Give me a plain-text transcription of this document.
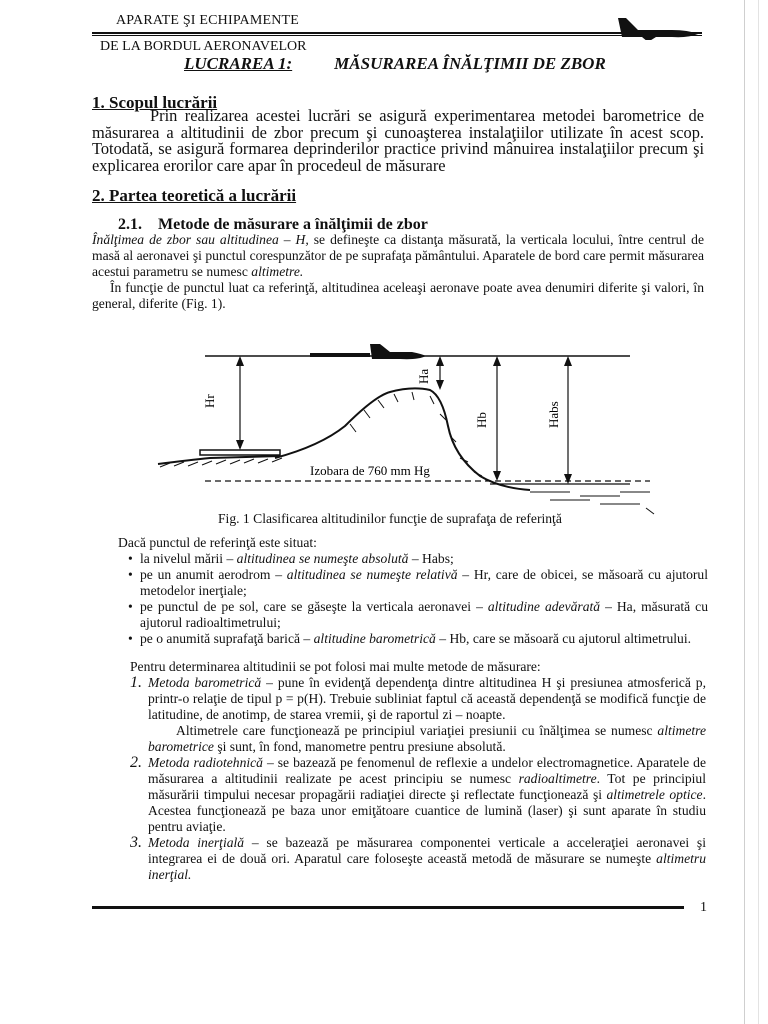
APARATE ŞI ECHIPAMENTE
DE LA BORDUL AERONAVELOR
LUCRAREA 1: MĂSURAREA ÎNĂLŢIMII DE ZBOR
1. Scopul lucrării
Prin realizarea acestei lucrări se asigură experimentarea metodei barometrice de măsurarea a altitudinii de zbor precum şi cunoaşterea instalaţiilor utilizate în acest scop. Totodată, se asigură formarea deprinderilor practice privind mânuirea instalaţiilor precum şi explicarea erorilor care apar în procedeul de măsurare
2. Partea teoretică a lucrării
2.1. Metode de măsurare a înălţimii de zbor
Înălţimea de zbor sau altitudinea – H, se defineşte ca distanţa măsurată, la verticala locului, între centrul de masă al aeronavei şi punctul corespunzător de pe suprafaţa pământului. Aparatele de bord care permit măsurarea acestui parametru se numesc altimetre.
În funcţie de punctul luat ca referinţă, altitudinea aceleaşi aeronave poate avea denumiri diferite şi valori, în general, diferite (Fig. 1).
Hr
Ha
Hb	Habs
Izobara de 760 mm Hg
Fig. 1 Clasificarea altitudinilor funcţie de suprafaţa de referinţă
Dacă punctul de referinţă este situat:
• la nivelul mării – altitudinea se numeşte absolută – Habs;
• pe un anumit aerodrom – altitudinea se numeşte relativă – Hr, care de obicei, se măsoară cu ajutorul metodelor inerţiale;
• pe punctul de pe sol, care se găseşte la verticala aeronavei – altitudine adevărată – Ha, măsurată cu ajutorul radioaltimetrului;
• pe o anumită suprafaţă barică – altitudine barometrică – Hb, care se măsoară cu ajutorul altimetrului.
Pentru determinarea altitudinii se pot folosi mai multe metode de măsurare:
1. Metoda barometrică – pune în evidenţă dependenţa dintre altitudinea H şi presiunea atmosferică p, printr-o relaţie de tipul p = p(H). Trebuie subliniat faptul că această dependenţă se modifică funcţie de latitudine, de anotimp, de starea vremii, şi de raportul zi – noapte.
Altimetrele care funcţionează pe principiul variaţiei presiunii cu înălţimea se numesc altimetre barometrice şi sunt, în fond, manometre pentru presiune absolută.
2. Metoda radiotehnică – se bazează pe fenomenul de reflexie a undelor electromagnetice. Aparatele de măsurarea a altitudinii realizate pe acest principiu se numesc radioaltimetre. Tot pe principiul măsurării timpului necesar propagării radiaţiei directe şi reflectate funcţionează şi altimetrele optice. Acestea funcţionează pe baza unor emiţătoare cuantice de lumină (laser) şi sunt aparate în studiu pentru aviaţie.
3. Metoda inerţială – se bazează pe măsurarea componentei verticale a acceleraţiei aeronavei şi integrarea ei de două ori. Aparatul care foloseşte această metodă de măsurare se numeşte altimetru inerţial.
1
